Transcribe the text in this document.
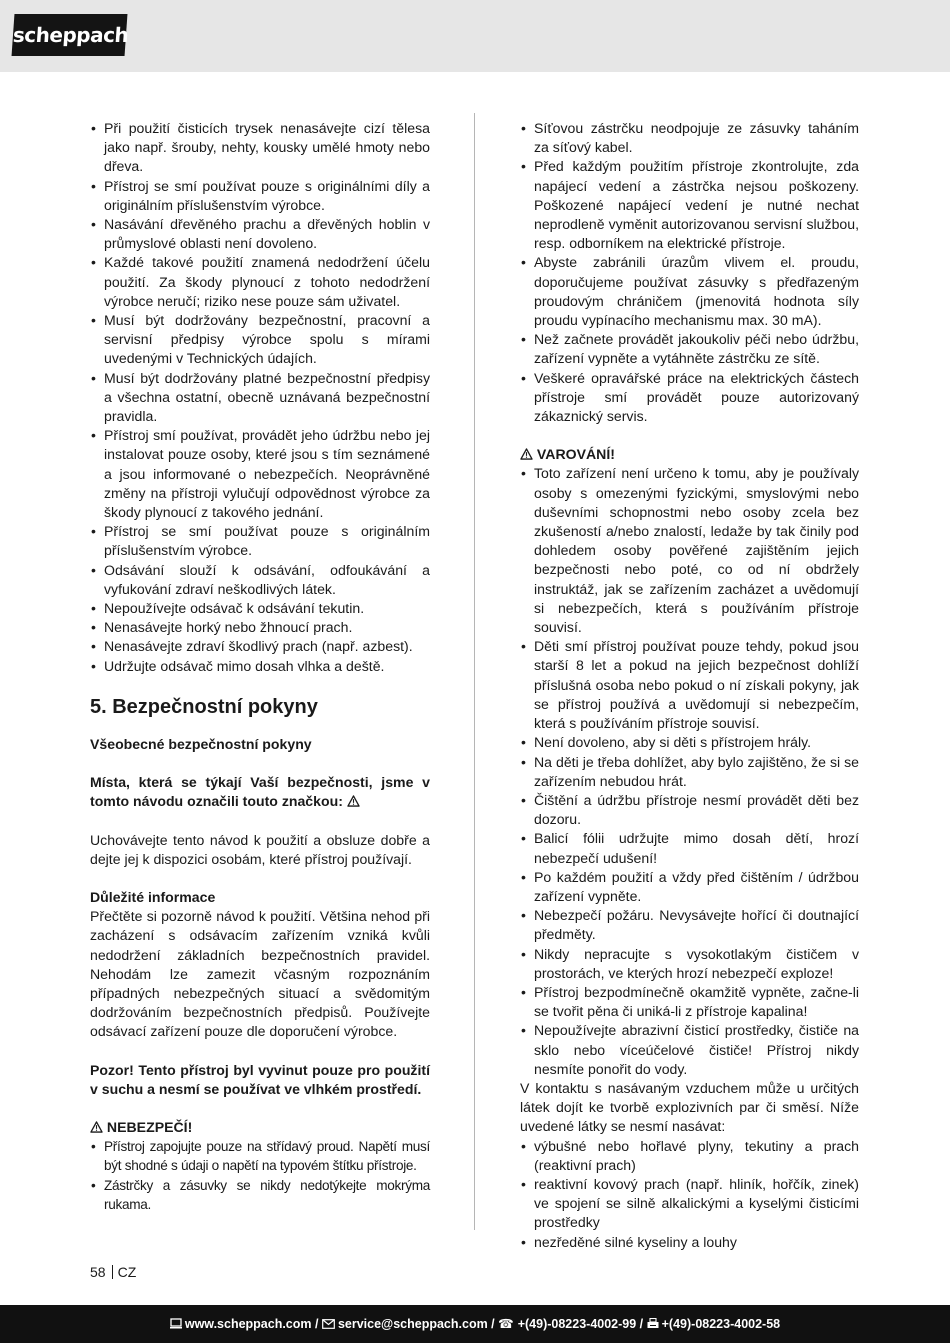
scheppach
• Při použití čisticích trysek nenasávejte cizí tělesa jako např. šrouby, nehty, kousky umělé hmoty nebo dřeva.
• Přístroj se smí používat pouze s originálními díly a originálním příslušenstvím výrobce.
• Nasávání dřevěného prachu a dřevěných hoblin v průmyslové oblasti není dovoleno.
• Každé takové použití znamená nedodržení účelu použití. Za škody plynoucí z tohoto nedodržení výrobce neručí; riziko nese pouze sám uživatel.
• Musí být dodržovány bezpečnostní, pracovní a servisní předpisy výrobce spolu s mírami uvedenými v Technických údajích.
• Musí být dodržovány platné bezpečnostní předpisy a všechna ostatní, obecně uznávaná bezpečnostní pravidla.
• Přístroj smí používat, provádět jeho údržbu nebo jej instalovat pouze osoby, které jsou s tím seznámené a jsou informované o nebezpečích. Neoprávněné změny na přístroji vylučují odpovědnost výrobce za škody plynoucí z takového jednání.
• Přístroj se smí používat pouze s originálním příslušenstvím výrobce.
• Odsávání slouží k odsávání, odfoukávání a vyfukování zdraví neškodlivých látek.
• Nepoužívejte odsávač k odsávání tekutin.
• Nenasávejte horký nebo žhnoucí prach.
• Nenasávejte zdraví škodlivý prach (např. azbest).
• Udržujte odsávač mimo dosah vlhka a deště.
5. Bezpečnostní pokyny

Všeobecné bezpečnostní pokyny

Místa, která se týkají Vaší bezpečnosti, jsme v tomto návodu označili touto značkou:

Uchovávejte tento návod k použití a obsluze dobře a dejte jej k dispozici osobám, které přístroj používají.

Důležité informace

Přečtěte si pozorně návod k použití. Většina nehod při zacházení s odsávacím zařízením vzniká kvůli nedodržení základních bezpečnostních pravidel. Nehodám lze zamezit včasným rozpoznáním případných nebezpečných situací a svědomitým dodržováním bezpečnostních předpisů. Používejte odsávací zařízení pouze dle doporučení výrobce.

Pozor! Tento přístroj byl vyvinut pouze pro použití v suchu a nesmí se používat ve vlhkém prostředí.

NEBEZPEČÍ!

• Přístroj zapojujte pouze na střídavý proud. Napětí musí být shodné s údaji o napětí na typovém štítku přístroje.
• Zástrčky a zásuvky se nikdy nedotýkejte mokrýma rukama.
• Síťovou zástrčku neodpojuje ze zásuvky taháním za síťový kabel.
• Před každým použitím přístroje zkontrolujte, zda napájecí vedení a zástrčka nejsou poškozeny. Poškozené napájecí vedení je nutné nechat neprodleně vyměnit autorizovanou servisní službou, resp. odborníkem na elektrické přístroje.
• Abyste zabránili úrazům vlivem el. proudu, doporučujeme používat zásuvky s předřazeným proudovým chráničem (jmenovitá hodnota síly proudu vypínacího mechanismu max. 30 mA).
• Než začnete provádět jakoukoliv péči nebo údržbu, zařízení vypněte a vytáhněte zástrčku ze sítě.
• Veškeré opravářské práce na elektrických částech přístroje smí provádět pouze autorizovaný zákaznický servis.

VAROVÁNÍ!

• Toto zařízení není určeno k tomu, aby je používaly osoby s omezenými fyzickými, smyslovými nebo duševními schopnostmi nebo osoby zcela bez zkušeností a/nebo znalostí, ledaže by tak činily pod dohledem osoby pověřené zajištěním jejich bezpečnosti nebo poté, co od ní obdržely instruktáž, jak se zařízením zacházet a uvědomují si nebezpečích, která s používáním přístroje souvisí.
• Děti smí přístroj používat pouze tehdy, pokud jsou starší 8 let a pokud na jejich bezpečnost dohlíží příslušná osoba nebo pokud o ní získali pokyny, jak se přístroj používá a uvědomují si nebezpečím, která s používáním přístroje souvisí.
• Není dovoleno, aby si děti s přístrojem hrály.
• Na děti je třeba dohlížet, aby bylo zajištěno, že si se zařízením nebudou hrát.
• Čištění a údržbu přístroje nesmí provádět děti bez dozoru.
• Balicí fólii udržujte mimo dosah dětí, hrozí nebezpečí udušení!
• Po každém použití a vždy před čištěním / údržbou zařízení vypněte.
• Nebezpečí požáru. Nevysávejte hořící či doutnající předměty.
• Nikdy nepracujte s vysokotlakým čističem v prostorách, ve kterých hrozí nebezpečí exploze!
• Přístroj bezpodmínečně okamžitě vypněte, začne-li se tvořit pěna či uniká-li z přístroje kapalina!
• Nepoužívejte abrazivní čisticí prostředky, čističe na sklo nebo víceúčelové čističe! Přístroj nikdy nesmíte ponořit do vody.

V kontaktu s nasávaným vzduchem může u určitých látek dojít ke tvorbě explozivních par či směsí. Níže uvedené látky se nesmí nasávat:

• výbušné nebo hořlavé plyny, tekutiny a prach (reaktivní prach)
• reaktivní kovový prach (např. hliník, hořčík, zinek) ve spojení se silně alkalickými a kyselými čisticími prostředky
• nezředěné silné kyseliny a louhy
58 CZ
www.scheppach.com / service@scheppach.com / ☎ +(49)-08223-4002-99 / +(49)-08223-4002-58
